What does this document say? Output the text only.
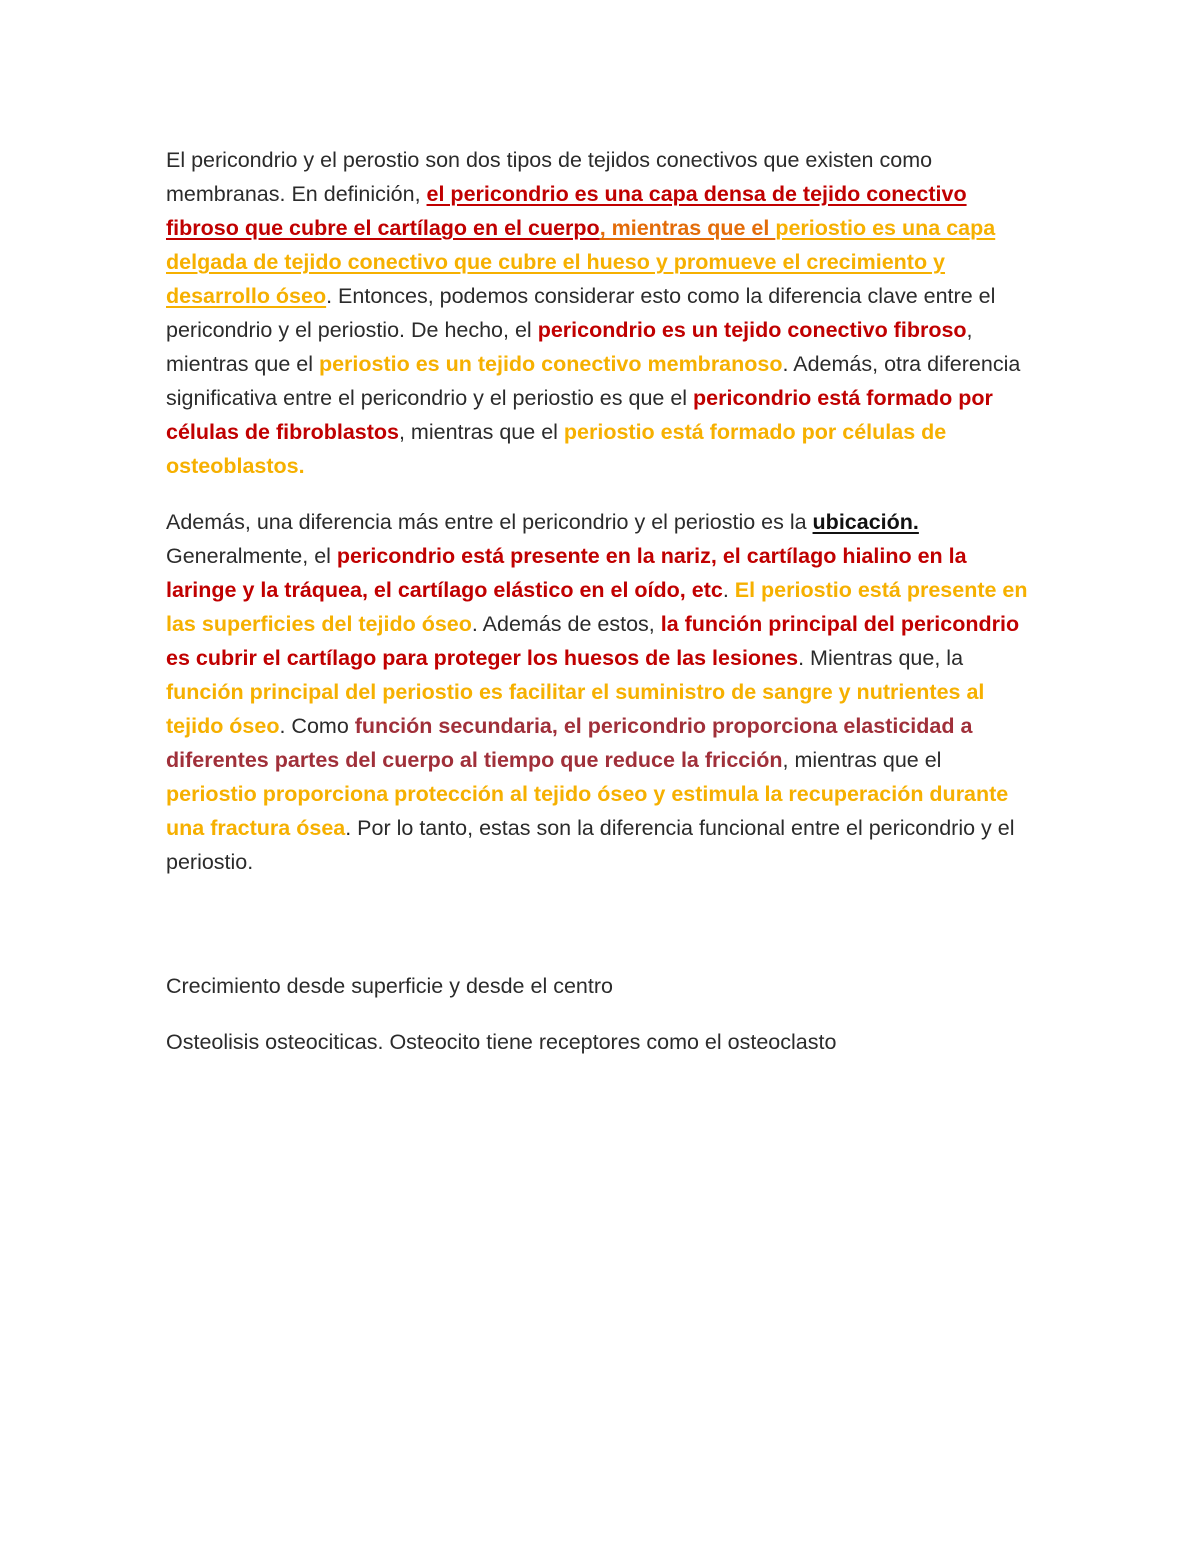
El pericondrio y el perostio son dos tipos de tejidos conectivos que existen como membranas. En definición, el pericondrio es una capa densa de tejido conectivo fibroso que cubre el cartílago en el cuerpo, mientras que el periostio es una capa delgada de tejido conectivo que cubre el hueso y promueve el crecimiento y desarrollo óseo. Entonces, podemos considerar esto como la diferencia clave entre el pericondrio y el periostio. De hecho, el pericondrio es un tejido conectivo fibroso, mientras que el periostio es un tejido conectivo membranoso. Además, otra diferencia significativa entre el pericondrio y el periostio es que el pericondrio está formado por células de fibroblastos, mientras que el periostio está formado por células de osteoblastos.

Además, una diferencia más entre el pericondrio y el periostio es la ubicación. Generalmente, el pericondrio está presente en la nariz, el cartílago hialino en la laringe y la tráquea, el cartílago elástico en el oído, etc. El periostio está presente en las superficies del tejido óseo. Además de estos, la función principal del pericondrio es cubrir el cartílago para proteger los huesos de las lesiones. Mientras que, la función principal del periostio es facilitar el suministro de sangre y nutrientes al tejido óseo. Como función secundaria, el pericondrio proporciona elasticidad a diferentes partes del cuerpo al tiempo que reduce la fricción, mientras que el periostio proporciona protección al tejido óseo y estimula la recuperación durante una fractura ósea. Por lo tanto, estas son la diferencia funcional entre el pericondrio y el periostio.

Crecimiento desde superficie y desde el centro

Osteolisis osteociticas. Osteocito tiene receptores como el osteoclasto
